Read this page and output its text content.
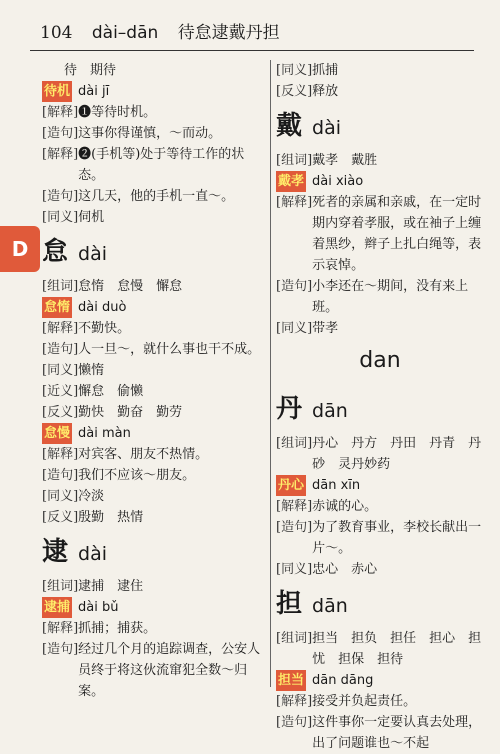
104 dài–dān 待怠逮戴丹担
D
待　期待
待机 dài jī
[解释] ❶等待时机。
[造句] 这事你得谨慎，～而动。
[解释] ❷(手机等)处于等待工作的状态。
[造句] 这几天，他的手机一直～。
[同义] 伺机
怠 dài
[组词] 怠惰　怠慢　懈怠
怠惰 dài duò
[解释] 不勤快。
[造句] 人一旦～，就什么事也干不成。
[同义] 懒惰
[近义] 懈怠　偷懒
[反义] 勤快　勤奋　勤劳
怠慢 dài màn
[解释] 对宾客、朋友不热情。
[造句] 我们不应该～朋友。
[同义] 冷淡
[反义] 殷勤　热情
逮 dài
[组词] 逮捕　逮住
逮捕 dài bǔ
[解释] 抓捕；捕获。
[造句] 经过几个月的追踪调查，公安人员终于将这伙流窜犯全数～归案。
[同义] 抓捕
[反义] 释放
戴 dài
[组词] 戴孝　戴胜
戴孝 dài xiào
[解释] 死者的亲属和亲戚，在一定时期内穿着孝服，或在袖子上缠着黑纱，辫子上扎白绳等，表示哀悼。
[造句] 小李还在～期间，没有来上班。
[同义] 带孝
dan
丹 dān
[组词] 丹心　丹方　丹田　丹青　丹砂　灵丹妙药
丹心 dān xīn
[解释] 赤诚的心。
[造句] 为了教育事业，李校长献出一片～。
[同义] 忠心　赤心
担 dān
[组词] 担当　担负　担任　担心　担忧　担保　担待
担当 dān dāng
[解释] 接受并负起责任。
[造句] 这件事你一定要认真去处理，出了问题谁也～不起
